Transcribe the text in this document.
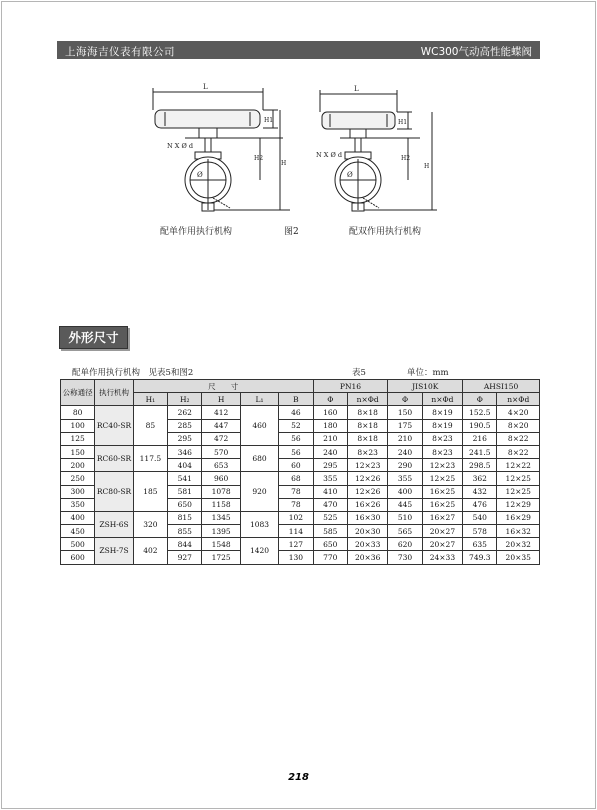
上海海吉仪表有限公司	WC300气动高性能蝶阀
L
H1
H2
H
N X Ø d
Ø
L
H1
H2
H
N X Ø d
Ø
配单作用执行机构	图2	配双作用执行机构
外形尺寸
配单作用执行机构　见表5和图2	表5	单位：mm
公称通径	执行机构	尺　　寸					PN16		JIS10K		AHSI150	
		H₁	H₂	H	L₁	B	Φ	n×Φd	Φ	n×Φd	Φ	n×Φd
80	RC40-SR	85	262	412	460	46	160	8×18	150	8×19	152.5	4×20
100			285	447		52	180	8×18	175	8×19	190.5	8×20
125			295	472		56	210	8×18	210	8×23	216	8×22
150	RC60-SR	117.5	346	570	680	56	240	8×23	240	8×23	241.5	8×22
200			404	653		60	295	12×23	290	12×23	298.5	12×22
250	RC80-SR	185	541	960	920	68	355	12×26	355	12×25	362	12×25
300			581	1078		78	410	12×26	400	16×25	432	12×25
350			650	1158		78	470	16×26	445	16×25	476	12×29
400	ZSH-6S	320	815	1345	1083	102	525	16×30	510	16×27	540	16×29
450			855	1395		114	585	20×30	565	20×27	578	16×32
500	ZSH-7S	402	844	1548	1420	127	650	20×33	620	20×27	635	20×32
600			927	1725		130	770	20×36	730	24×33	749.3	20×35
218
